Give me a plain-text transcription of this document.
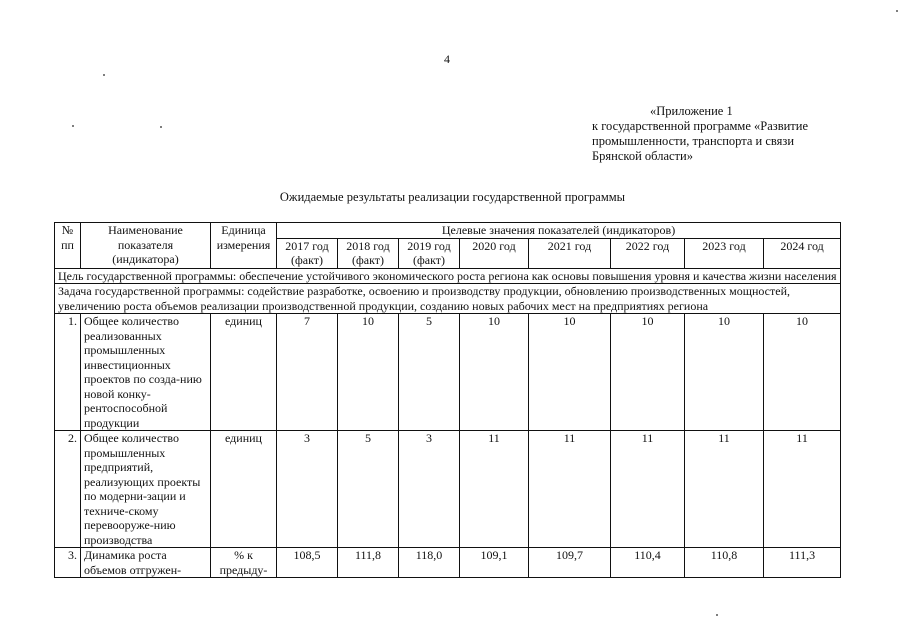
4
«Приложение 1
к государственной программе «Развитие
промышленности, транспорта и связи
Брянской области»
Ожидаемые результаты реализации государственной программы
№ пп	Наименование показателя (индикатора)	Единица измерения	Целевые значения показателей (индикаторов)							
			2017 год (факт)	2018 год (факт)	2019 год (факт)	2020 год	2021 год	2022 год	2023 год	2024 год
Цель государственной программы: обеспечение устойчивого экономического роста региона как основы повышения уровня и качества жизни населения										
Задача государственной программы: содействие разработке, освоению и производству продукции, обновлению производственных мощностей, увеличению роста объемов реализации производственной продукции, созданию новых рабочих мест на предприятиях региона										
1.	Общее количество реализованных промышленных инвестиционных проектов по созда-нию новой конку-рентоспособной продукции	единиц	7	10	5	10	10	10	10	10
2.	Общее количество промышленных предприятий, реализующих проекты по модерни-зации и техниче-скому перевооруже-нию производства	единиц	3	5	3	11	11	11	11	11
3.	Динамика роста объемов отгружен-	% к предыду-	108,5	111,8	118,0	109,1	109,7	110,4	110,8	111,3
